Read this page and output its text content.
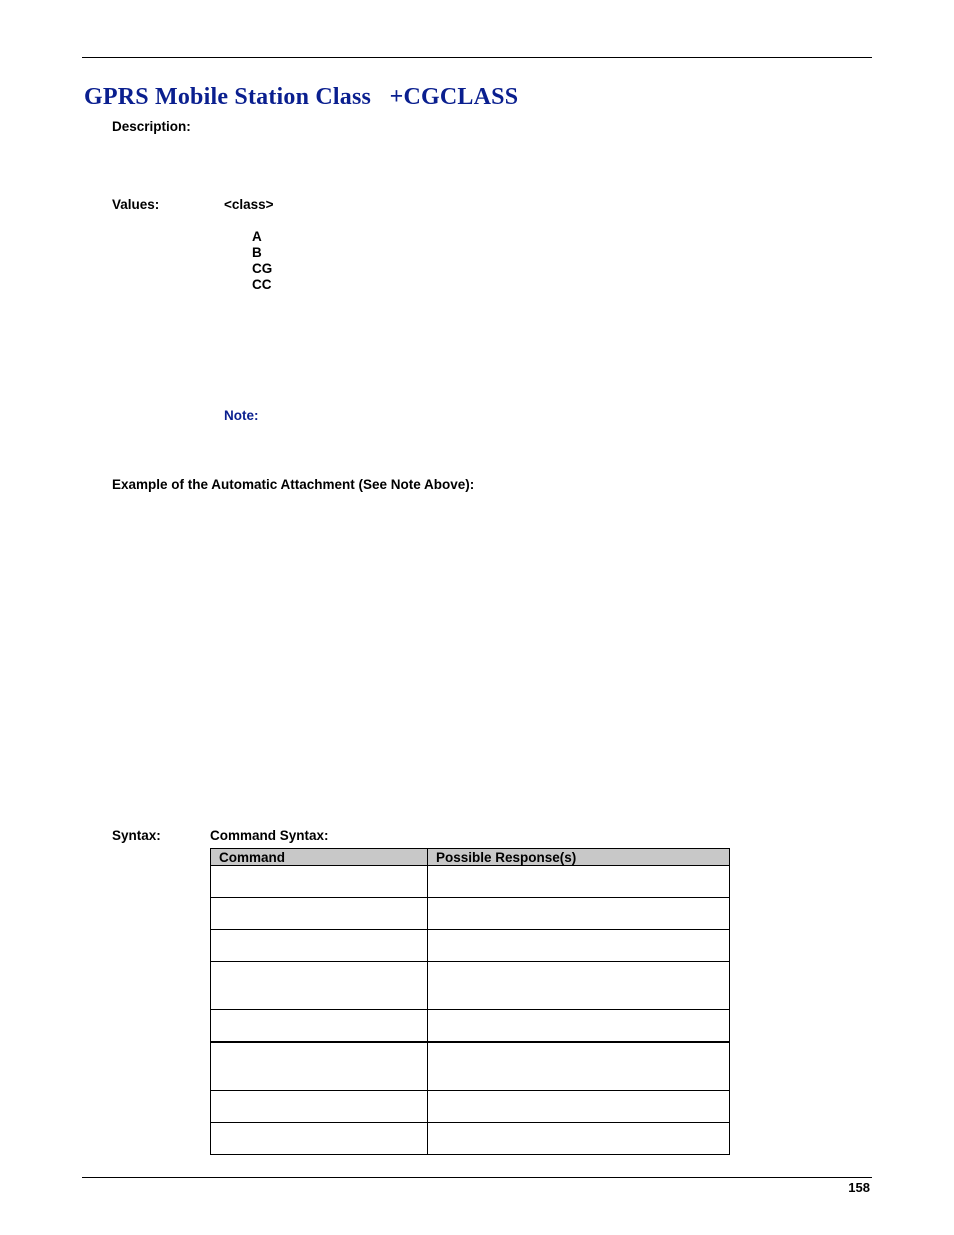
GPRS Mobile Station Class   +CGCLASS
Description:
Values:	<class>
A
B
CG
CC
Note:
Example of the Automatic Attachment (See Note Above):
Syntax:	Command Syntax:
Command	Possible Response(s)

158
